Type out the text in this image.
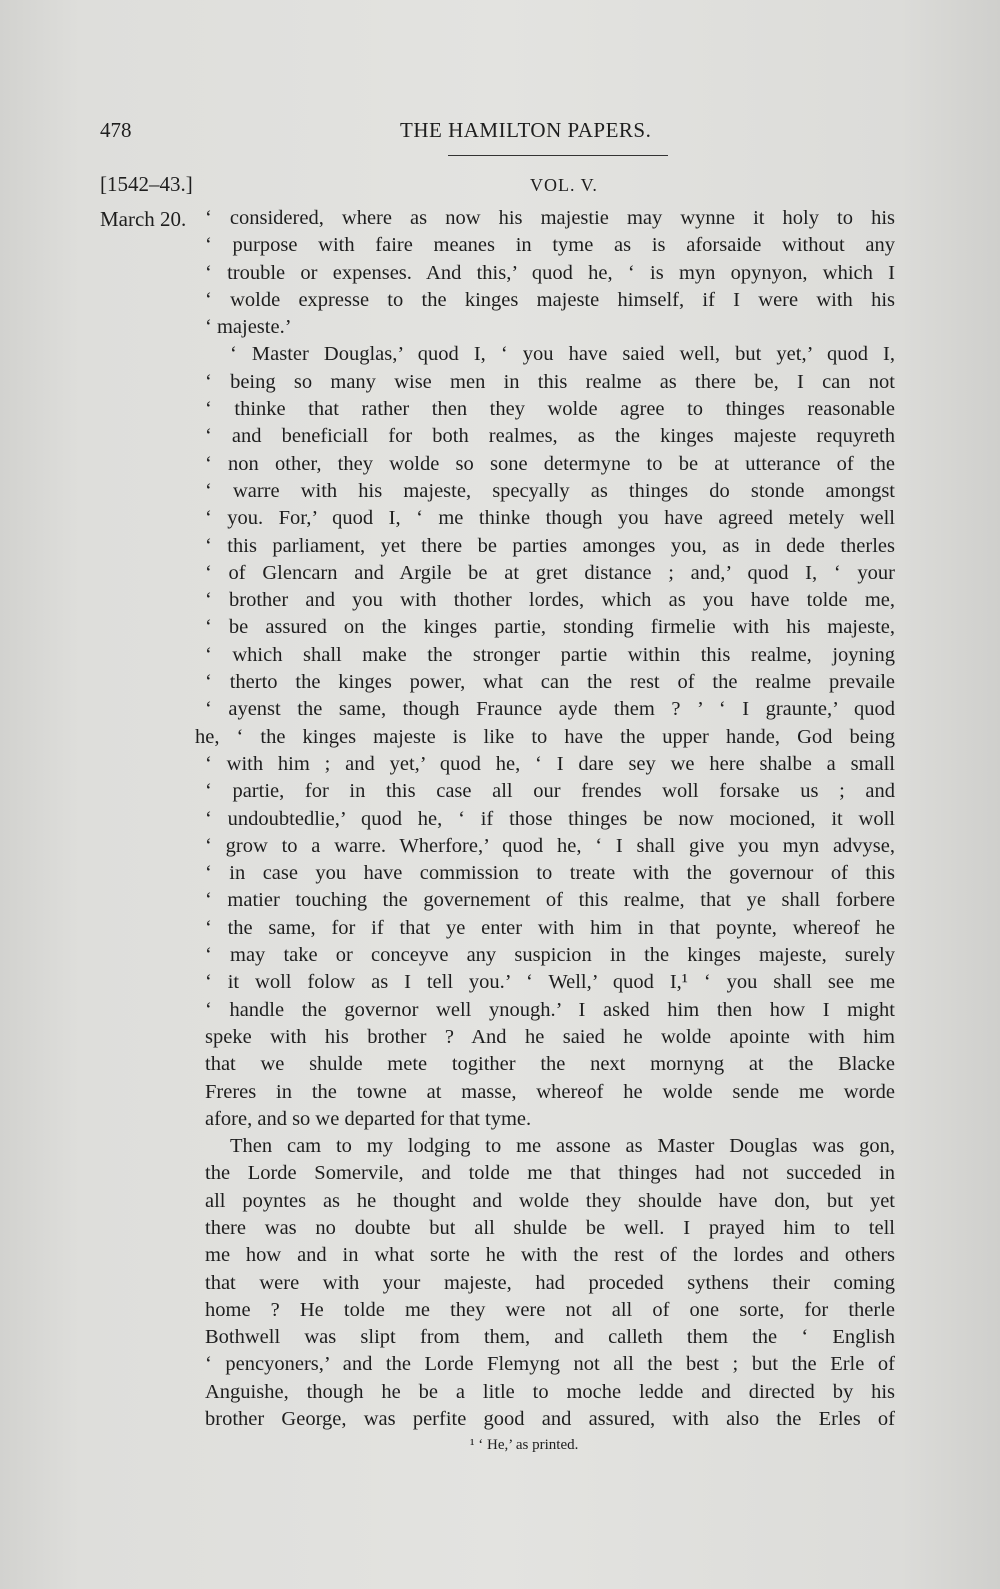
478	THE HAMILTON PAPERS.
[1542–43.]	VOL. V.
March 20. ‘ considered, where as now his majestie may wynne it holy to his
‘ purpose with faire meanes in tyme as is aforsaide without any
‘ trouble or expenses. And this,’ quod he, ‘ is myn opynyon, which I
‘ wolde expresse to the kinges majeste himself, if I were with his
‘ majeste.’
‘ Master Douglas,’ quod I, ‘ you have saied well, but yet,’ quod I,
‘ being so many wise men in this realme as there be, I can not
‘ thinke that rather then they wolde agree to thinges reasonable
‘ and beneficiall for both realmes, as the kinges majeste requyreth
‘ non other, they wolde so sone determyne to be at utterance of the
‘ warre with his majeste, specyally as thinges do stonde amongst
‘ you. For,’ quod I, ‘ me thinke though you have agreed metely well
‘ this parliament, yet there be parties amonges you, as in dede therles
‘ of Glencarn and Argile be at gret distance ; and,’ quod I, ‘ your
‘ brother and you with thother lordes, which as you have tolde me,
‘ be assured on the kinges partie, stonding firmelie with his majeste,
‘ which shall make the stronger partie within this realme, joyning
‘ therto the kinges power, what can the rest of the realme prevaile
‘ ayenst the same, though Fraunce ayde them ? ’ ‘ I graunte,’ quod
he, ‘ the kinges majeste is like to have the upper hande, God being
‘ with him ; and yet,’ quod he, ‘ I dare sey we here shalbe a small
‘ partie, for in this case all our frendes woll forsake us ; and
‘ undoubtedlie,’ quod he, ‘ if those thinges be now mocioned, it woll
‘ grow to a warre. Wherfore,’ quod he, ‘ I shall give you myn advyse,
‘ in case you have commission to treate with the governour of this
‘ matier touching the governement of this realme, that ye shall forbere
‘ the same, for if that ye enter with him in that poynte, whereof he
‘ may take or conceyve any suspicion in the kinges majeste, surely
‘ it woll folow as I tell you.’ ‘ Well,’ quod I,¹ ‘ you shall see me
‘ handle the governor well ynough.’ I asked him then how I might
speke with his brother ? And he saied he wolde apointe with him
that we shulde mete togither the next mornyng at the Blacke
Freres in the towne at masse, whereof he wolde sende me worde
afore, and so we departed for that tyme.
Then cam to my lodging to me assone as Master Douglas was gon,
the Lorde Somervile, and tolde me that thinges had not succeded in
all poyntes as he thought and wolde they shoulde have don, but yet
there was no doubte but all shulde be well. I prayed him to tell
me how and in what sorte he with the rest of the lordes and others
that were with your majeste, had proceded sythens their coming
home ? He tolde me they were not all of one sorte, for therle
Bothwell was slipt from them, and calleth them the ‘ English
‘ pencyoners,’ and the Lorde Flemyng not all the best ; but the Erle of
Anguishe, though he be a litle to moche ledde and directed by his
brother George, was perfite good and assured, with also the Erles of
¹ ‘ He,’ as printed.
